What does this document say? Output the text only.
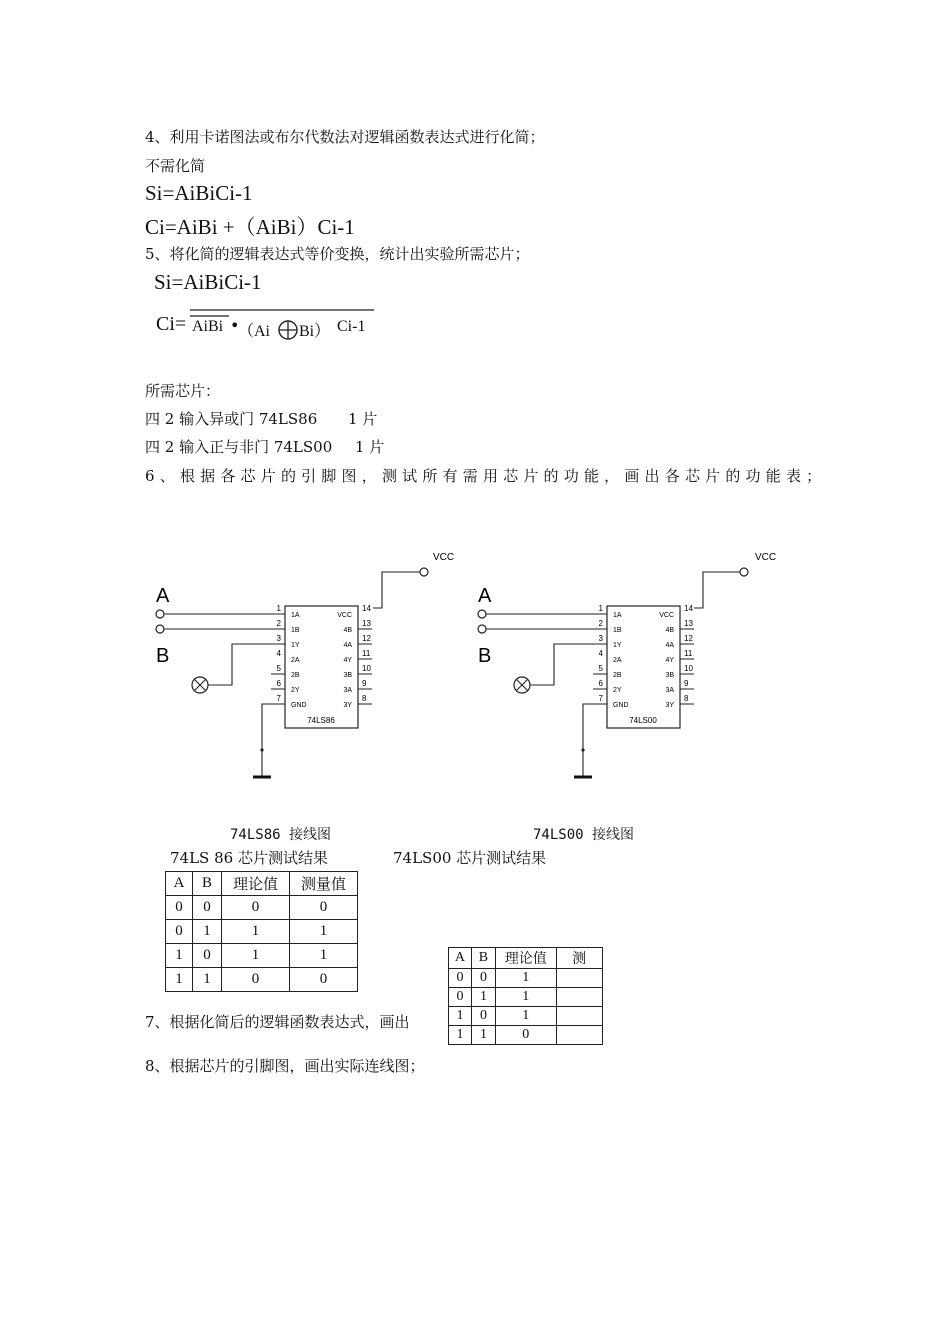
4、利用卡诺图法或布尔代数法对逻辑函数表达式进行化简；
不需化简
Si=AiBiCi-1
Ci=AiBi +（AiBi）Ci-1
5、将化简的逻辑表达式等价变换，统计出实验所需芯片；
Si=AiBiCi-1
Ci= AiBi •
（Ai Bi） Ci-1
所需芯片：
四 2 输入异或门 74LS86 1 片
四 2 输入正与非门 74LS00 1 片
6、根据各芯片的引脚图，测试所有需用芯片的功能，画出各芯片的功能表；
VCC
A
B
74LS86
1
1A
2
1B
3
1Y
4
2A
5
2B
6
2Y
7
GND
14
VCC
13
4B
12
4A
11
4Y
10
3B
9
3A
8
3Y
74LS86 接线图
VCC
A
B
74LS00
1
1A
2
1B
3
1Y
4
2A
5
2B
6
2Y
7
GND
14
VCC
13
4B
12
4A
11
4Y
10
3B
9
3A
8
3Y
74LS00 接线图
74LS 86 芯片测试结果	74LS00 芯片测试结果
A	B	理论值	测量值
0	0	0	0
0	1	1	1
1	0	1	1
1	1	0	0
7、根据化简后的逻辑函数表达式，画出
A	B	理论值	测
0	0	1	
0	1	1	
1	0	1	
1	1	0	
8、根据芯片的引脚图，画出实际连线图；
